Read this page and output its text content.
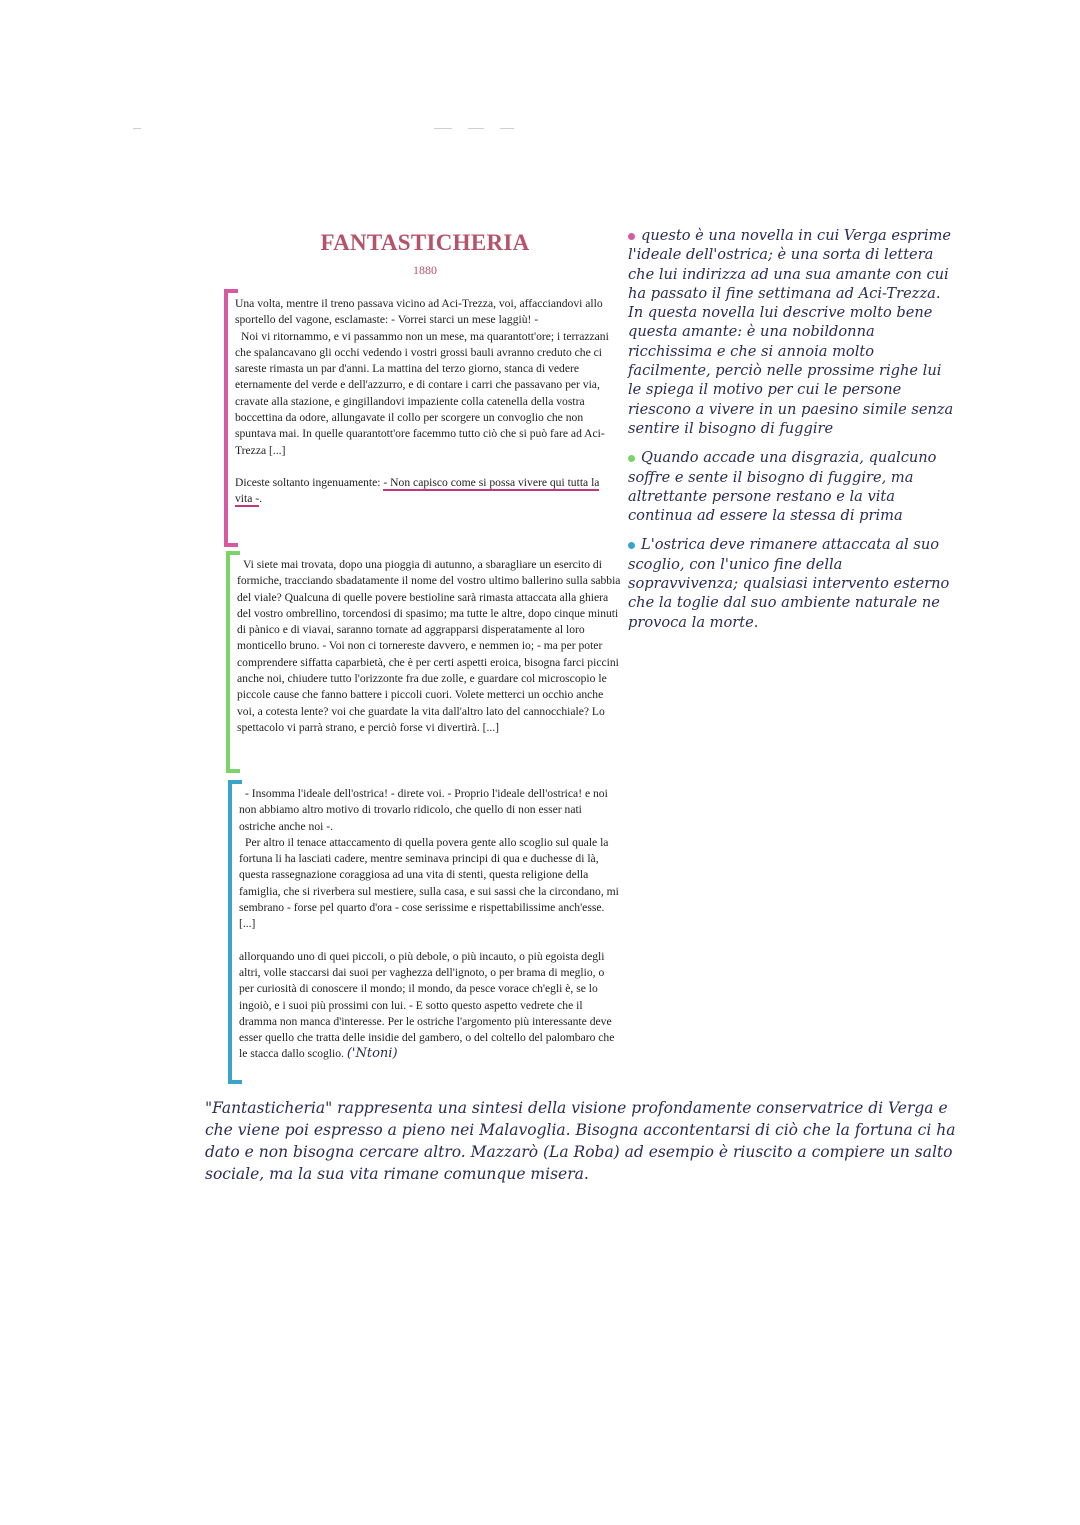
FANTASTICHERIA
1880

Una volta, mentre il treno passava vicino ad Aci-Trezza, voi, affacciandovi allo sportello del vagone, esclamaste: - Vorrei starci un mese laggiù! -

Noi vi ritornammo, e vi passammo non un mese, ma quarantott'ore; i terrazzani che spalancavano gli occhi vedendo i vostri grossi bauli avranno creduto che ci sareste rimasta un par d'anni. La mattina del terzo giorno, stanca di vedere eternamente del verde e dell'azzurro, e di contare i carri che passavano per via, cravate alla stazione, e gingillandovi impaziente colla catenella della vostra boccettina da odore, allungavate il collo per scorgere un convoglio che non spuntava mai. In quelle quarantott'ore facemmo tutto ciò che si può fare ad Aci-Trezza [...]

Diceste soltanto ingenuamente: - Non capisco come si possa vivere qui tutta la vita -.

Vi siete mai trovata, dopo una pioggia di autunno, a sbaragliare un esercito di formiche, tracciando sbadatamente il nome del vostro ultimo ballerino sulla sabbia del viale? Qualcuna di quelle povere bestioline sarà rimasta attaccata alla ghiera del vostro ombrellino, torcendosi di spasimo; ma tutte le altre, dopo cinque minuti di pànico e di viavai, saranno tornate ad aggrapparsi disperatamente al loro monticello bruno. - Voi non ci tornereste davvero, e nemmen io; - ma per poter comprendere siffatta caparbietà, che è per certi aspetti eroica, bisogna farci piccini anche noi, chiudere tutto l'orizzonte fra due zolle, e guardare col microscopio le piccole cause che fanno battere i piccoli cuori. Volete metterci un occhio anche voi, a cotesta lente? voi che guardate la vita dall'altro lato del cannocchiale? Lo spettacolo vi parrà strano, e perciò forse vi divertirà. [...]

- Insomma l'ideale dell'ostrica! - direte voi. - Proprio l'ideale dell'ostrica! e noi non abbiamo altro motivo di trovarlo ridicolo, che quello di non esser nati ostriche anche noi -.

Per altro il tenace attaccamento di quella povera gente allo scoglio sul quale la fortuna li ha lasciati cadere, mentre seminava principi di qua e duchesse di là, questa rassegnazione coraggiosa ad una vita di stenti, questa religione della famiglia, che si riverbera sul mestiere, sulla casa, e sui sassi che la circondano, mi sembrano - forse pel quarto d'ora - cose serissime e rispettabilissime anch'esse. [...]

allorquando uno di quei piccoli, o più debole, o più incauto, o più egoista degli altri, volle staccarsi dai suoi per vaghezza dell'ignoto, o per brama di meglio, o per curiosità di conoscere il mondo; il mondo, da pesce vorace ch'egli è, se lo ingoiò, e i suoi più prossimi con lui. - E sotto questo aspetto vedrete che il dramma non manca d'interesse. Per le ostriche l'argomento più interessante deve esser quello che tratta delle insidie del gambero, o del coltello del palombaro che le stacca dallo scoglio. ('Ntoni)

questo è una novella in cui Verga esprime l'ideale dell'ostrica; è una sorta di lettera che lui indirizza ad una sua amante con cui ha passato il fine settimana ad Aci-Trezza. In questa novella lui descrive molto bene questa amante: è una nobildonna ricchissima e che si annoia molto facilmente, perciò nelle prossime righe lui le spiega il motivo per cui le persone riescono a vivere in un paesino simile senza sentire il bisogno di fuggire

Quando accade una disgrazia, qualcuno soffre e sente il bisogno di fuggire, ma altrettante persone restano e la vita continua ad essere la stessa di prima

L'ostrica deve rimanere attaccata al suo scoglio, con l'unico fine della sopravvivenza; qualsiasi intervento esterno che la toglie dal suo ambiente naturale ne provoca la morte.

"Fantasticheria" rappresenta una sintesi della visione profondamente conservatrice di Verga e che viene poi espresso a pieno nei Malavoglia. Bisogna accontentarsi di ciò che la fortuna ci ha dato e non bisogna cercare altro. Mazzarò (La Roba) ad esempio è riuscito a compiere un salto sociale, ma la sua vita rimane comunque misera.
